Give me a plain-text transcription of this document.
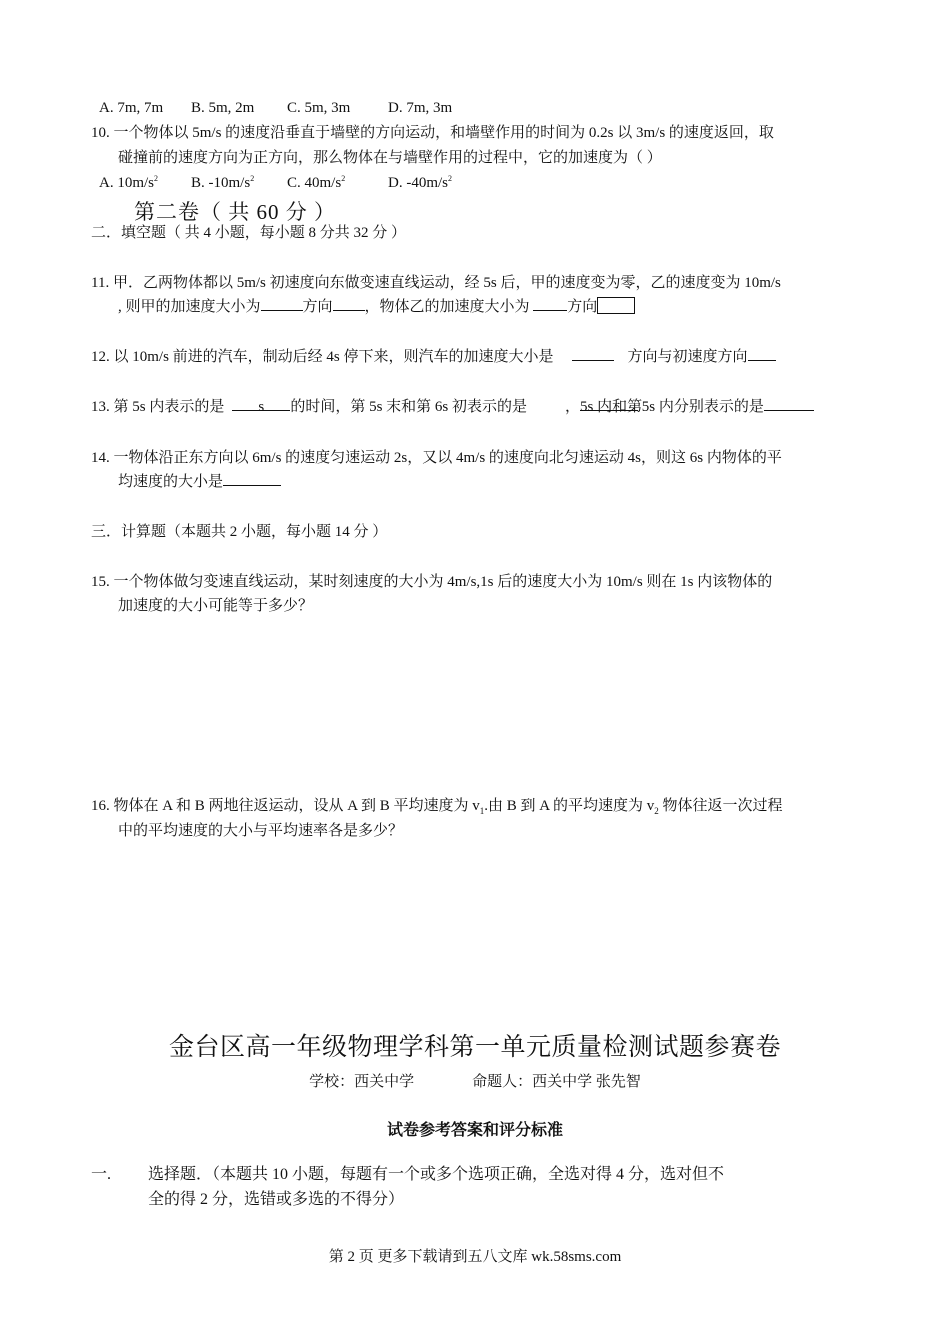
A. 7m, 7m B. 5m, 2m C. 5m, 3m	D. 7m, 3m
10. 一个物体以 5m/s 的速度沿垂直于墙壁的方向运动，和墙壁作用的时间为 0.2s 以 3m/s 的速度返回，取
碰撞前的速度方向为正方向，那么物体在与墙壁作用的过程中，它的加速度为（ ）
A. $10m/s^2$ B. $-10m/s^2$ C. $40m/s^2$	D. $-40m/s^2$
第二卷（ 共 60 分 ）
二．填空题（ 共 4 小题，每小题 8 分共 32 分 ）
11. 甲．乙两物体都以 5m/s 初速度向东做变速直线运动，经 5s 后，甲的速度变为零，乙的速度变为 10m/s
, 则甲的加速度大小为	方向 ，物体乙的加速度大小为 方向
12. 以 10m/s 前进的汽车，制动后经 4s 停下来，则汽车的加速度大小是	方向与初速度方向
13. 第 5s 内表示的是 s 的时间，第 5s 末和第 6s 初表示的是	，5s 内和第 5s 内分别表示的是
14. 一物体沿正东方向以 6m/s 的速度匀速运动 2s，又以 4m/s 的速度向北匀速运动 4s，则这 6s 内物体的平
均速度的大小是
三．计算题（本题共 2 小题，每小题 14 分 ）
15. 一个物体做匀变速直线运动，某时刻速度的大小为 4m/s,1s 后的速度大小为 10m/s 则在 1s 内该物体的
加速度的大小可能等于多少？
16. 物体在 A 和 B 两地往返运动，设从 A 到 B 平均速度为 $v_1$.由 B 到 A 的平均速度为 $v_2$ 物体往返一次过程
中的平均速度的大小与平均速率各是多少？
金台区高一年级物理学科第一单元质量检测试题参赛卷
学校：西关中学	命题人：西关中学 张先智
试卷参考答案和评分标准
一. 选择题．（本题共 10 小题，每题有一个或多个选项正确，全选对得 4 分，选对但不
全的得 2 分，选错或多选的不得分）
第 2 页 更多下载请到五八文库 wk.58sms.com
